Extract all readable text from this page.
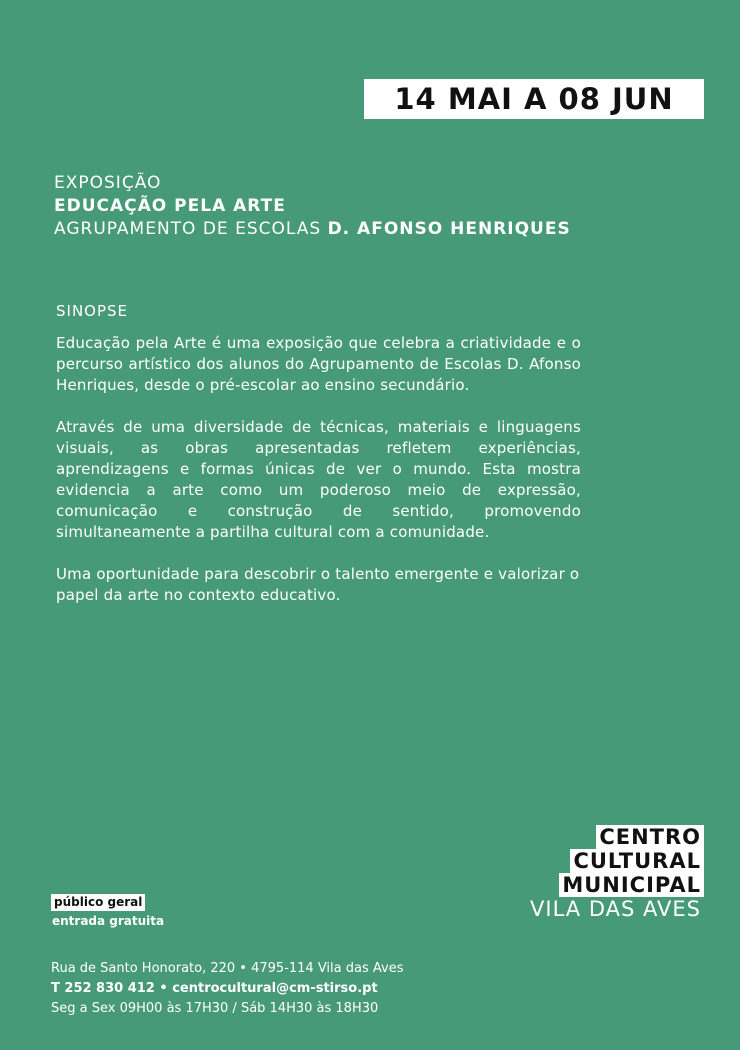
14 MAI A 08 JUN
EXPOSIÇÃO
EDUCAÇÃO PELA ARTE
AGRUPAMENTO DE ESCOLAS D. AFONSO HENRIQUES
SINOPSE

Educação pela Arte é uma exposição que celebra a criatividade e o percurso artístico dos alunos do Agrupamento de Escolas D. Afonso Henriques, desde o pré-escolar ao ensino secundário.

Através de uma diversidade de técnicas, materiais e linguagens visuais, as obras apresentadas refletem experiências, aprendizagens e formas únicas de ver o mundo. Esta mostra evidencia a arte como um poderoso meio de expressão, comunicação e construção de sentido, promovendo simultaneamente a partilha cultural com a comunidade.

Uma oportunidade para descobrir o talento emergente e valorizar o papel da arte no contexto educativo.

público geral
entrada gratuita
CENTRO
CULTURAL
MUNICIPAL
VILA DAS AVES
Rua de Santo Honorato, 220 • 4795-114 Vila das Aves
T 252 830 412 • centrocultural@cm-stirso.pt
Seg a Sex 09H00 às 17H30 / Sáb 14H30 às 18H30
